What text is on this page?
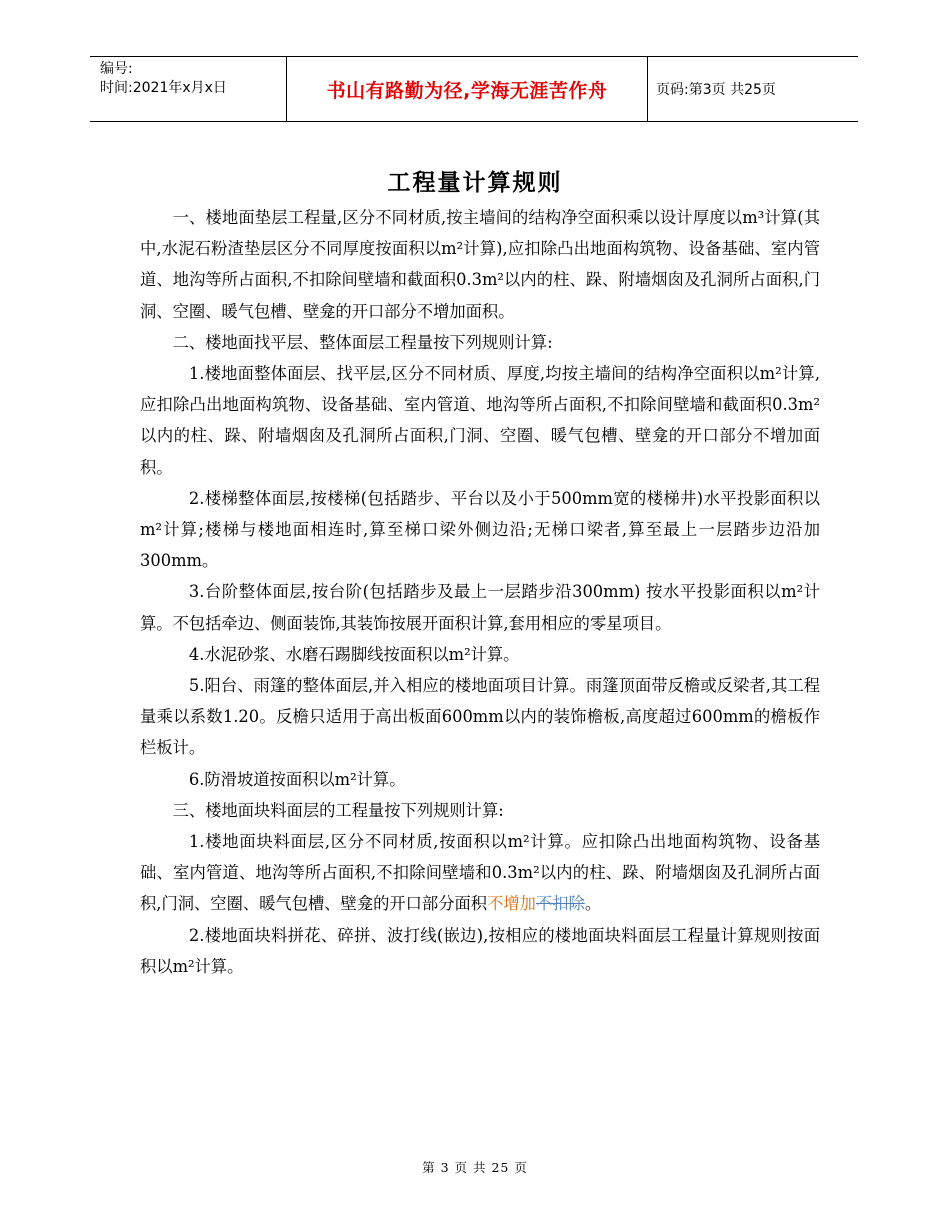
编号:
时间:2021年x月x日	书山有路勤为径,学海无涯苦作舟	页码:第3页 共25页
工程量计算规则

一、楼地面垫层工程量,区分不同材质,按主墙间的结构净空面积乘以设计厚度以m³计算(其中,水泥石粉渣垫层区分不同厚度按面积以m²计算),应扣除凸出地面构筑物、设备基础、室内管道、地沟等所占面积,不扣除间壁墙和截面积0.3m²以内的柱、跺、附墙烟囱及孔洞所占面积,门洞、空圈、暖气包槽、壁龛的开口部分不增加面积。

二、楼地面找平层、整体面层工程量按下列规则计算:

1.楼地面整体面层、找平层,区分不同材质、厚度,均按主墙间的结构净空面积以m²计算,应扣除凸出地面构筑物、设备基础、室内管道、地沟等所占面积,不扣除间壁墙和截面积0.3m²以内的柱、跺、附墙烟囱及孔洞所占面积,门洞、空圈、暖气包槽、壁龛的开口部分不增加面积。

2.楼梯整体面层,按楼梯(包括踏步、平台以及小于500mm宽的楼梯井)水平投影面积以m²计算;楼梯与楼地面相连时,算至梯口梁外侧边沿;无梯口梁者,算至最上一层踏步边沿加300mm。

3.台阶整体面层,按台阶(包括踏步及最上一层踏步沿300mm) 按水平投影面积以m²计算。不包括牵边、侧面装饰,其装饰按展开面积计算,套用相应的零星项目。

4.水泥砂浆、水磨石踢脚线按面积以m²计算。

5.阳台、雨篷的整体面层,并入相应的楼地面项目计算。雨篷顶面带反檐或反梁者,其工程量乘以系数1.20。反檐只适用于高出板面600mm以内的装饰檐板,高度超过600mm的檐板作栏板计。

6.防滑坡道按面积以m²计算。

三、楼地面块料面层的工程量按下列规则计算:

1.楼地面块料面层,区分不同材质,按面积以m²计算。应扣除凸出地面构筑物、设备基础、室内管道、地沟等所占面积,不扣除间壁墙和0.3m²以内的柱、跺、附墙烟囱及孔洞所占面积,门洞、空圈、暖气包槽、壁龛的开口部分面积不增加不扣除。

2.楼地面块料拼花、碎拼、波打线(嵌边),按相应的楼地面块料面层工程量计算规则按面积以m²计算。

第 3 页 共 25 页
